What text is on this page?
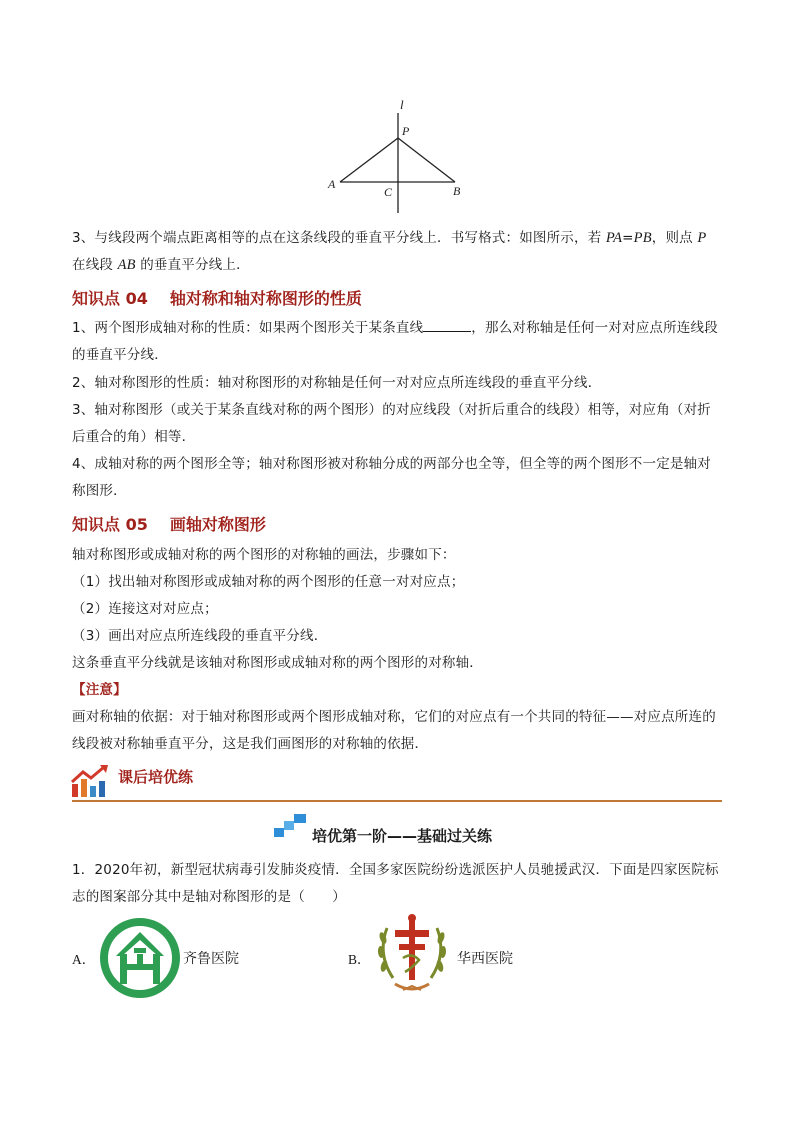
l
P
A
C	B
3、与线段两个端点距离相等的点在这条线段的垂直平分线上．书写格式：如图所示，若 PA=PB，则点 P 在线段 AB 的垂直平分线上．
知识点 04 轴对称和轴对称图形的性质
1、两个图形成轴对称的性质：如果两个图形关于某条直线	，那么对称轴是任何一对对应点所连线段的垂直平分线．
2、轴对称图形的性质：轴对称图形的对称轴是任何一对对应点所连线段的垂直平分线．
3、轴对称图形（或关于某条直线对称的两个图形）的对应线段（对折后重合的线段）相等，对应角（对折后重合的角）相等．
4、成轴对称的两个图形全等；轴对称图形被对称轴分成的两部分也全等，但全等的两个图形不一定是轴对称图形．
知识点 05 画轴对称图形
轴对称图形或成轴对称的两个图形的对称轴的画法，步骤如下：
（1）找出轴对称图形或成轴对称的两个图形的任意一对对应点；
（2）连接这对对应点；
（3）画出对应点所连线段的垂直平分线．
这条垂直平分线就是该轴对称图形或成轴对称的两个图形的对称轴．
【注意】
画对称轴的依据：对于轴对称图形或两个图形成轴对称，它们的对应点有一个共同的特征——对应点所连的线段被对称轴垂直平分，这是我们画图形的对称轴的依据．
课后培优练
培优第一阶——基础过关练
1．2020年初，新型冠状病毒引发肺炎疫情．全国多家医院纷纷选派医护人员驰援武汉．下面是四家医院标志的图案部分其中是轴对称图形的是（　　）
A．	齐鲁医院	B．	华西医院
